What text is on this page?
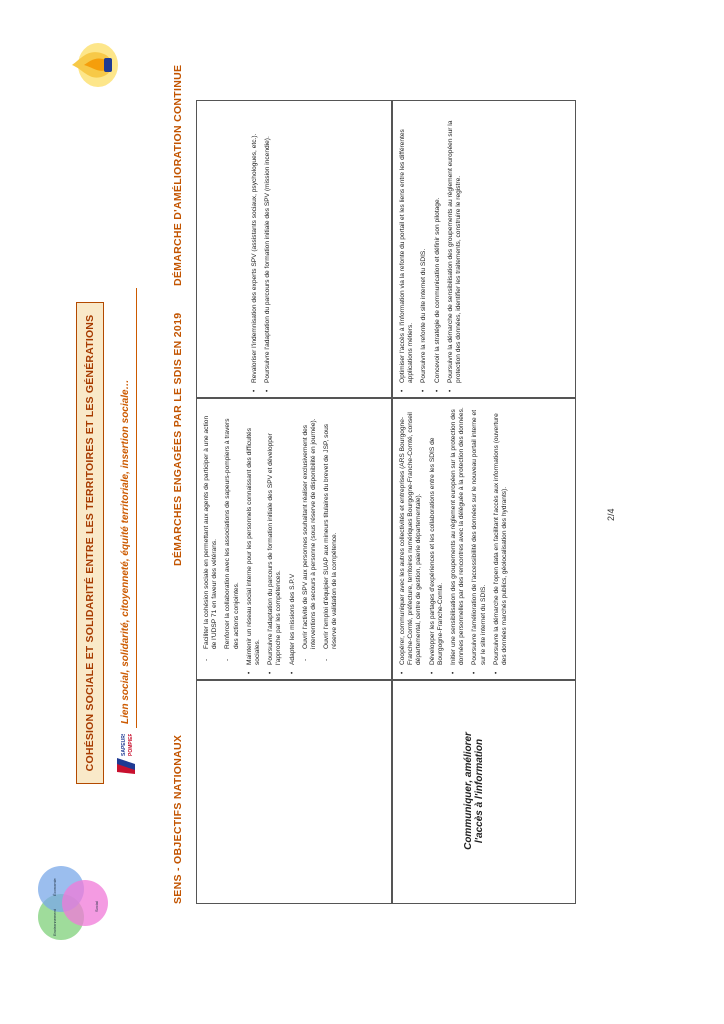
Environnement
Économie
Social
COHÉSION SOCIALE ET SOLIDARITÉ ENTRE LES TERRITOIRES ET LES GÉNÉRATIONS	SAPEURS POMPIERS
Lien social, solidarité, citoyenneté, équité territoriale, insertion sociale…
SENS - OBJECTIFS NATIONAUX
DÉMARCHES ENGAGÉES PAR LE SDIS EN 2019
DÉMARCHE D'AMÉLIORATION CONTINUE
- Faciliter la cohésion sociale en permettant aux agents de participer à une action de l'UDSP 71 en faveur des vétérans. - Renforcer la collaboration avec les associations de sapeurs-pompiers à travers des actions conjointes. • Maintenir un réseau social interne pour les personnels connaissant des difficultés sociales. • Poursuivre l'adaptation du parcours de formation initiale des SPV et développer l'approche par les compétences. • Adapter les missions des S.P.V - Ouvrir l'activité de SPV aux personnes souhaitant réaliser exclusivement des interventions de secours à personne (sous réserve de disponibilité en journée). - Ouvrir l'emploi d'équipier SUAP aux mineurs titulaires du brevet de JSP, sous réserve de validation de la compétence.
• Revaloriser l'indemnisation des experts SPV (assistants sociaux, psychologues, etc.). • Poursuivre l'adaptation du parcours de formation initiale des SPV (mission incendie).
Communiquer, améliorer l'accès à l'information
• Coopérer, communiquer avec les autres collectivités et entreprises (ARS Bourgogne-Franche-Comté, préfecture, territoires numériques Bourgogne-Franche-Comté, conseil départemental, centre de gestion, paierie départementale). • Développer les partages d'expériences et les collaborations entre les SDIS de Bourgogne-Franche-Comté. • Initier une sensibilisation des groupements au règlement européen sur la protection des données personnelles par des rencontres avec la déléguée à la protection des données. • Poursuivre l'amélioration de l'accessibilité des données sur le nouveau portail interne et sur le site internet du SDIS. • Poursuivre la démarche de l'open data en facilitant l'accès aux informations (ouverture des données marchés publics, géolocalisation des hydrants).
• Optimiser l'accès à l'information via la refonte du portail et les liens entre les différentes applications métiers. • Poursuivre la refonte du site internet du SDIS. • Concevoir la stratégie de communication et définir son pilotage. • Poursuivre la démarche de sensibilisation des groupements au règlement européen sur la protection des données, identifier les traitements, construire le registre.
2/4
